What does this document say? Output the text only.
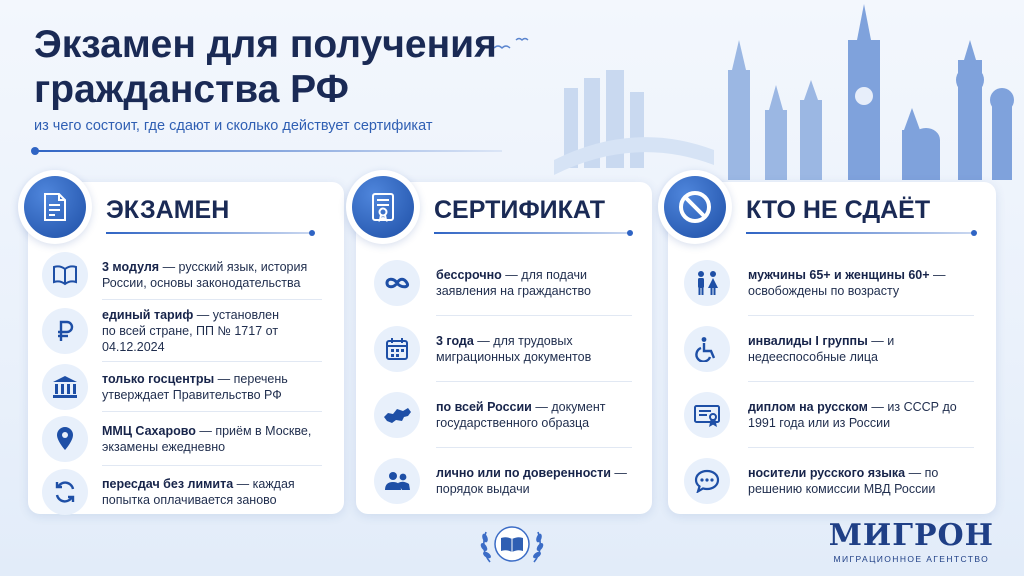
Экзамен для получения
гражданства РФ
из чего состоит, где сдают и сколько действует сертификат
ЭКЗАМЕН
3 модуля — русский язык, история России, основы законодательства
единый тариф — установлен по всей стране, ПП № 1717 от 04.12.2024
только госцентры — перечень утверждает Правительство РФ
ММЦ Сахарово — приём в Москве, экзамены ежедневно
пересдач без лимита — каждая попытка оплачивается заново
СЕРТИФИКАТ
бессрочно — для подачи заявления на гражданство
3 года — для трудовых миграционных документов
по всей России — документ государственного образца
лично или по доверенности — порядок выдачи
КТО НЕ СДАЁТ
мужчины 65+ и женщины 60+ — освобождены по возрасту
инвалиды I группы — и недееспособные лица
диплом на русском — из СССР до 1991 года или из России
носители русского языка — по решению комиссии МВД России
МИГРОН
МИГРАЦИОННОЕ АГЕНТСТВО
